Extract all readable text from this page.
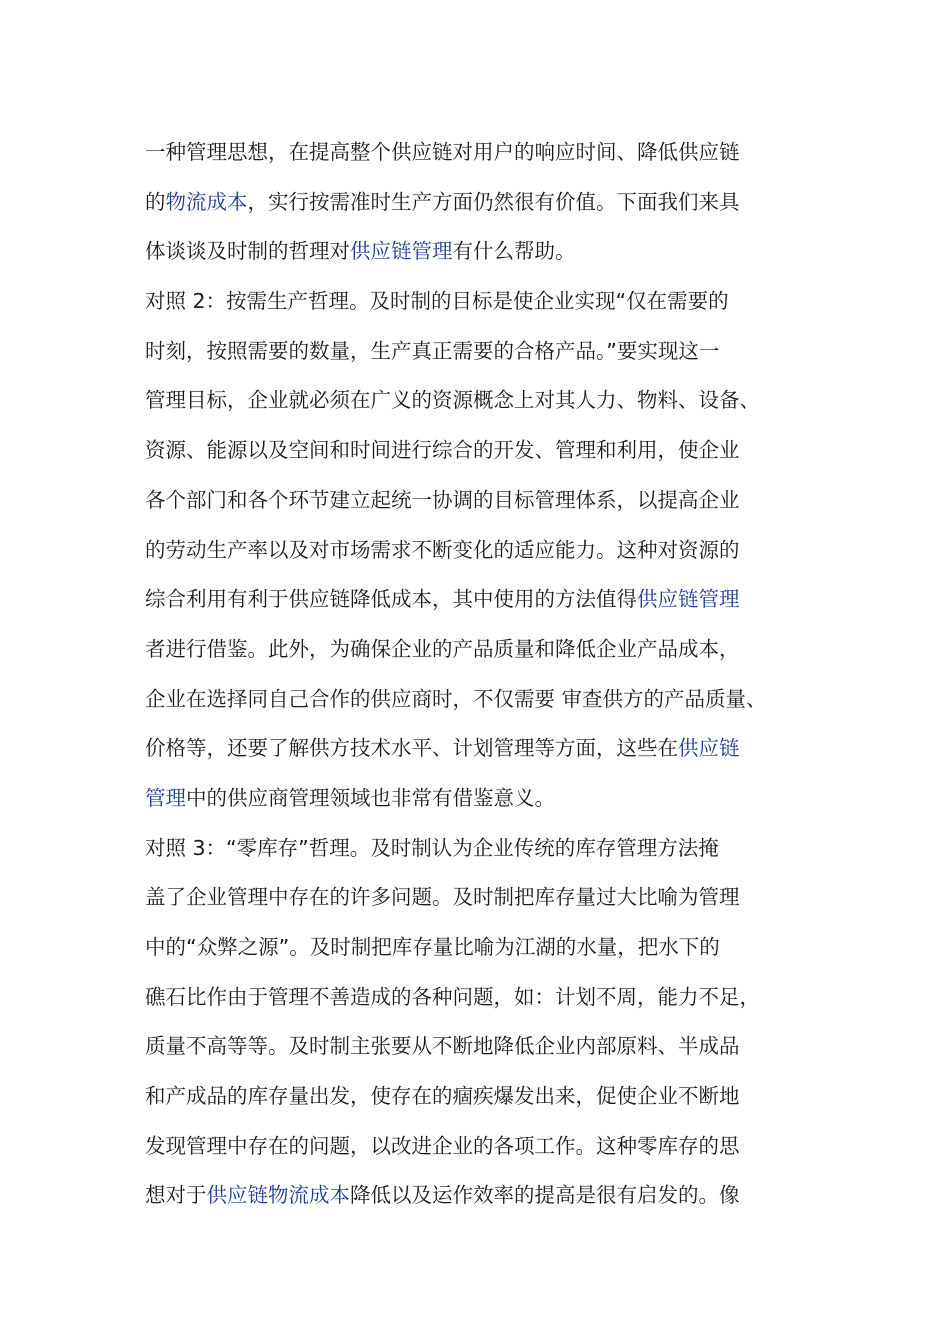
一种管理思想，在提高整个供应链对用户的响应时间、降低供应链
的物流成本，实行按需准时生产方面仍然很有价值。下面我们来具
体谈谈及时制的哲理对供应链管理有什么帮助。
对照 2：按需生产哲理。及时制的目标是使企业实现“仅在需要的
时刻，按照需要的数量，生产真正需要的合格产品。”要实现这一
管理目标，企业就必须在广义的资源概念上对其人力、物料、设备、
资源、能源以及空间和时间进行综合的开发、管理和利用，使企业
各个部门和各个环节建立起统一协调的目标管理体系，以提高企业
的劳动生产率以及对市场需求不断变化的适应能力。这种对资源的
综合利用有利于供应链降低成本，其中使用的方法值得供应链管理
者进行借鉴。此外，为确保企业的产品质量和降低企业产品成本，
企业在选择同自己合作的供应商时，不仅需要 审查供方的产品质量、
价格等，还要了解供方技术水平、计划管理等方面，这些在供应链
管理中的供应商管理领域也非常有借鉴意义。
对照 3：“零库存”哲理。及时制认为企业传统的库存管理方法掩
盖了企业管理中存在的许多问题。及时制把库存量过大比喻为管理
中的“众弊之源”。及时制把库存量比喻为江湖的水量，把水下的
礁石比作由于管理不善造成的各种问题，如：计划不周，能力不足，
质量不高等等。及时制主张要从不断地降低企业内部原料、半成品
和产成品的库存量出发，使存在的痼疾爆发出来，促使企业不断地
发现管理中存在的问题，以改进企业的各项工作。这种零库存的思
想对于供应链物流成本降低以及运作效率的提高是很有启发的。像
